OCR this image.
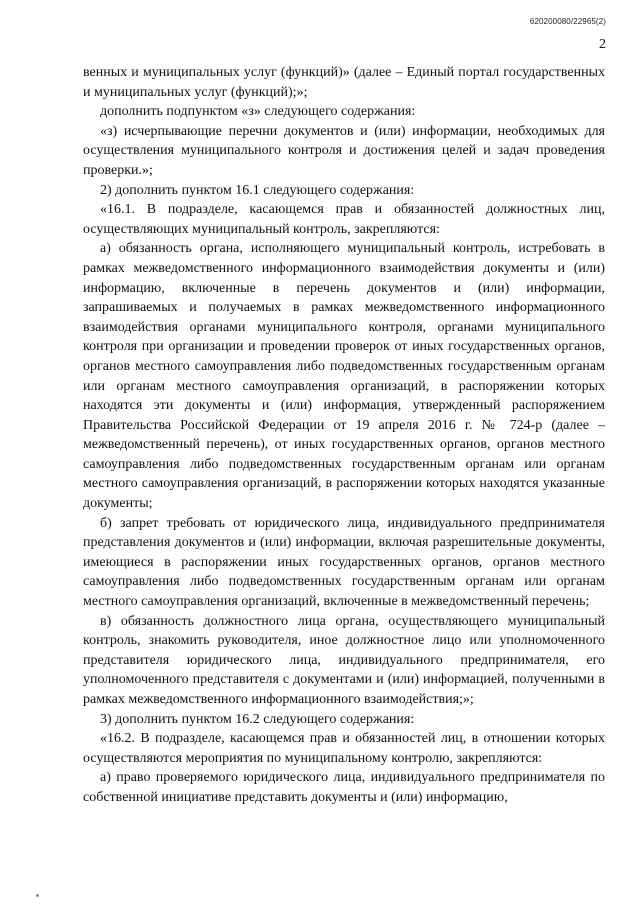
620200080/22965(2)
2

венных и муниципальных услуг (функций)» (далее – Единый портал государственных и муниципальных услуг (функций);»;

дополнить подпунктом «з» следующего содержания:

«з) исчерпывающие перечни документов и (или) информации, необходимых для осуществления муниципального контроля и достижения целей и задач проведения проверки.»;

2) дополнить пунктом 16.1 следующего содержания:

«16.1. В подразделе, касающемся прав и обязанностей должностных лиц, осуществляющих муниципальный контроль, закрепляются:

а) обязанность органа, исполняющего муниципальный контроль, истребовать в рамках межведомственного информационного взаимодействия документы и (или) информацию, включенные в перечень документов и (или) информации, запрашиваемых и получаемых в рамках межведомственного информационного взаимодействия органами муниципального контроля, органами муниципального контроля при организации и проведении проверок от иных государственных органов, органов местного самоуправления либо подведомственных государственным органам или органам местного самоуправления организаций, в распоряжении которых находятся эти документы и (или) информация, утвержденный распоряжением Правительства Российской Федерации от 19 апреля 2016 г. № 724-р (далее – межведомственный перечень), от иных государственных органов, органов местного самоуправления либо подведомственных государственным органам или органам местного самоуправления организаций, в распоряжении которых находятся указанные документы;

б) запрет требовать от юридического лица, индивидуального предпринимателя представления документов и (или) информации, включая разрешительные документы, имеющиеся в распоряжении иных государственных органов, органов местного самоуправления либо подведомственных государственным органам или органам местного самоуправления организаций, включенные в межведомственный перечень;

в) обязанность должностного лица органа, осуществляющего муниципальный контроль, знакомить руководителя, иное должностное лицо или уполномоченного представителя юридического лица, индивидуального предпринимателя, его уполномоченного представителя с документами и (или) информацией, полученными в рамках межведомственного информационного взаимодействия;»;

3) дополнить пунктом 16.2 следующего содержания:

«16.2. В подразделе, касающемся прав и обязанностей лиц, в отношении которых осуществляются мероприятия по муниципальному контролю, закрепляются:

а) право проверяемого юридического лица, индивидуального предпринимателя по собственной инициативе представить документы и (или) информацию,
